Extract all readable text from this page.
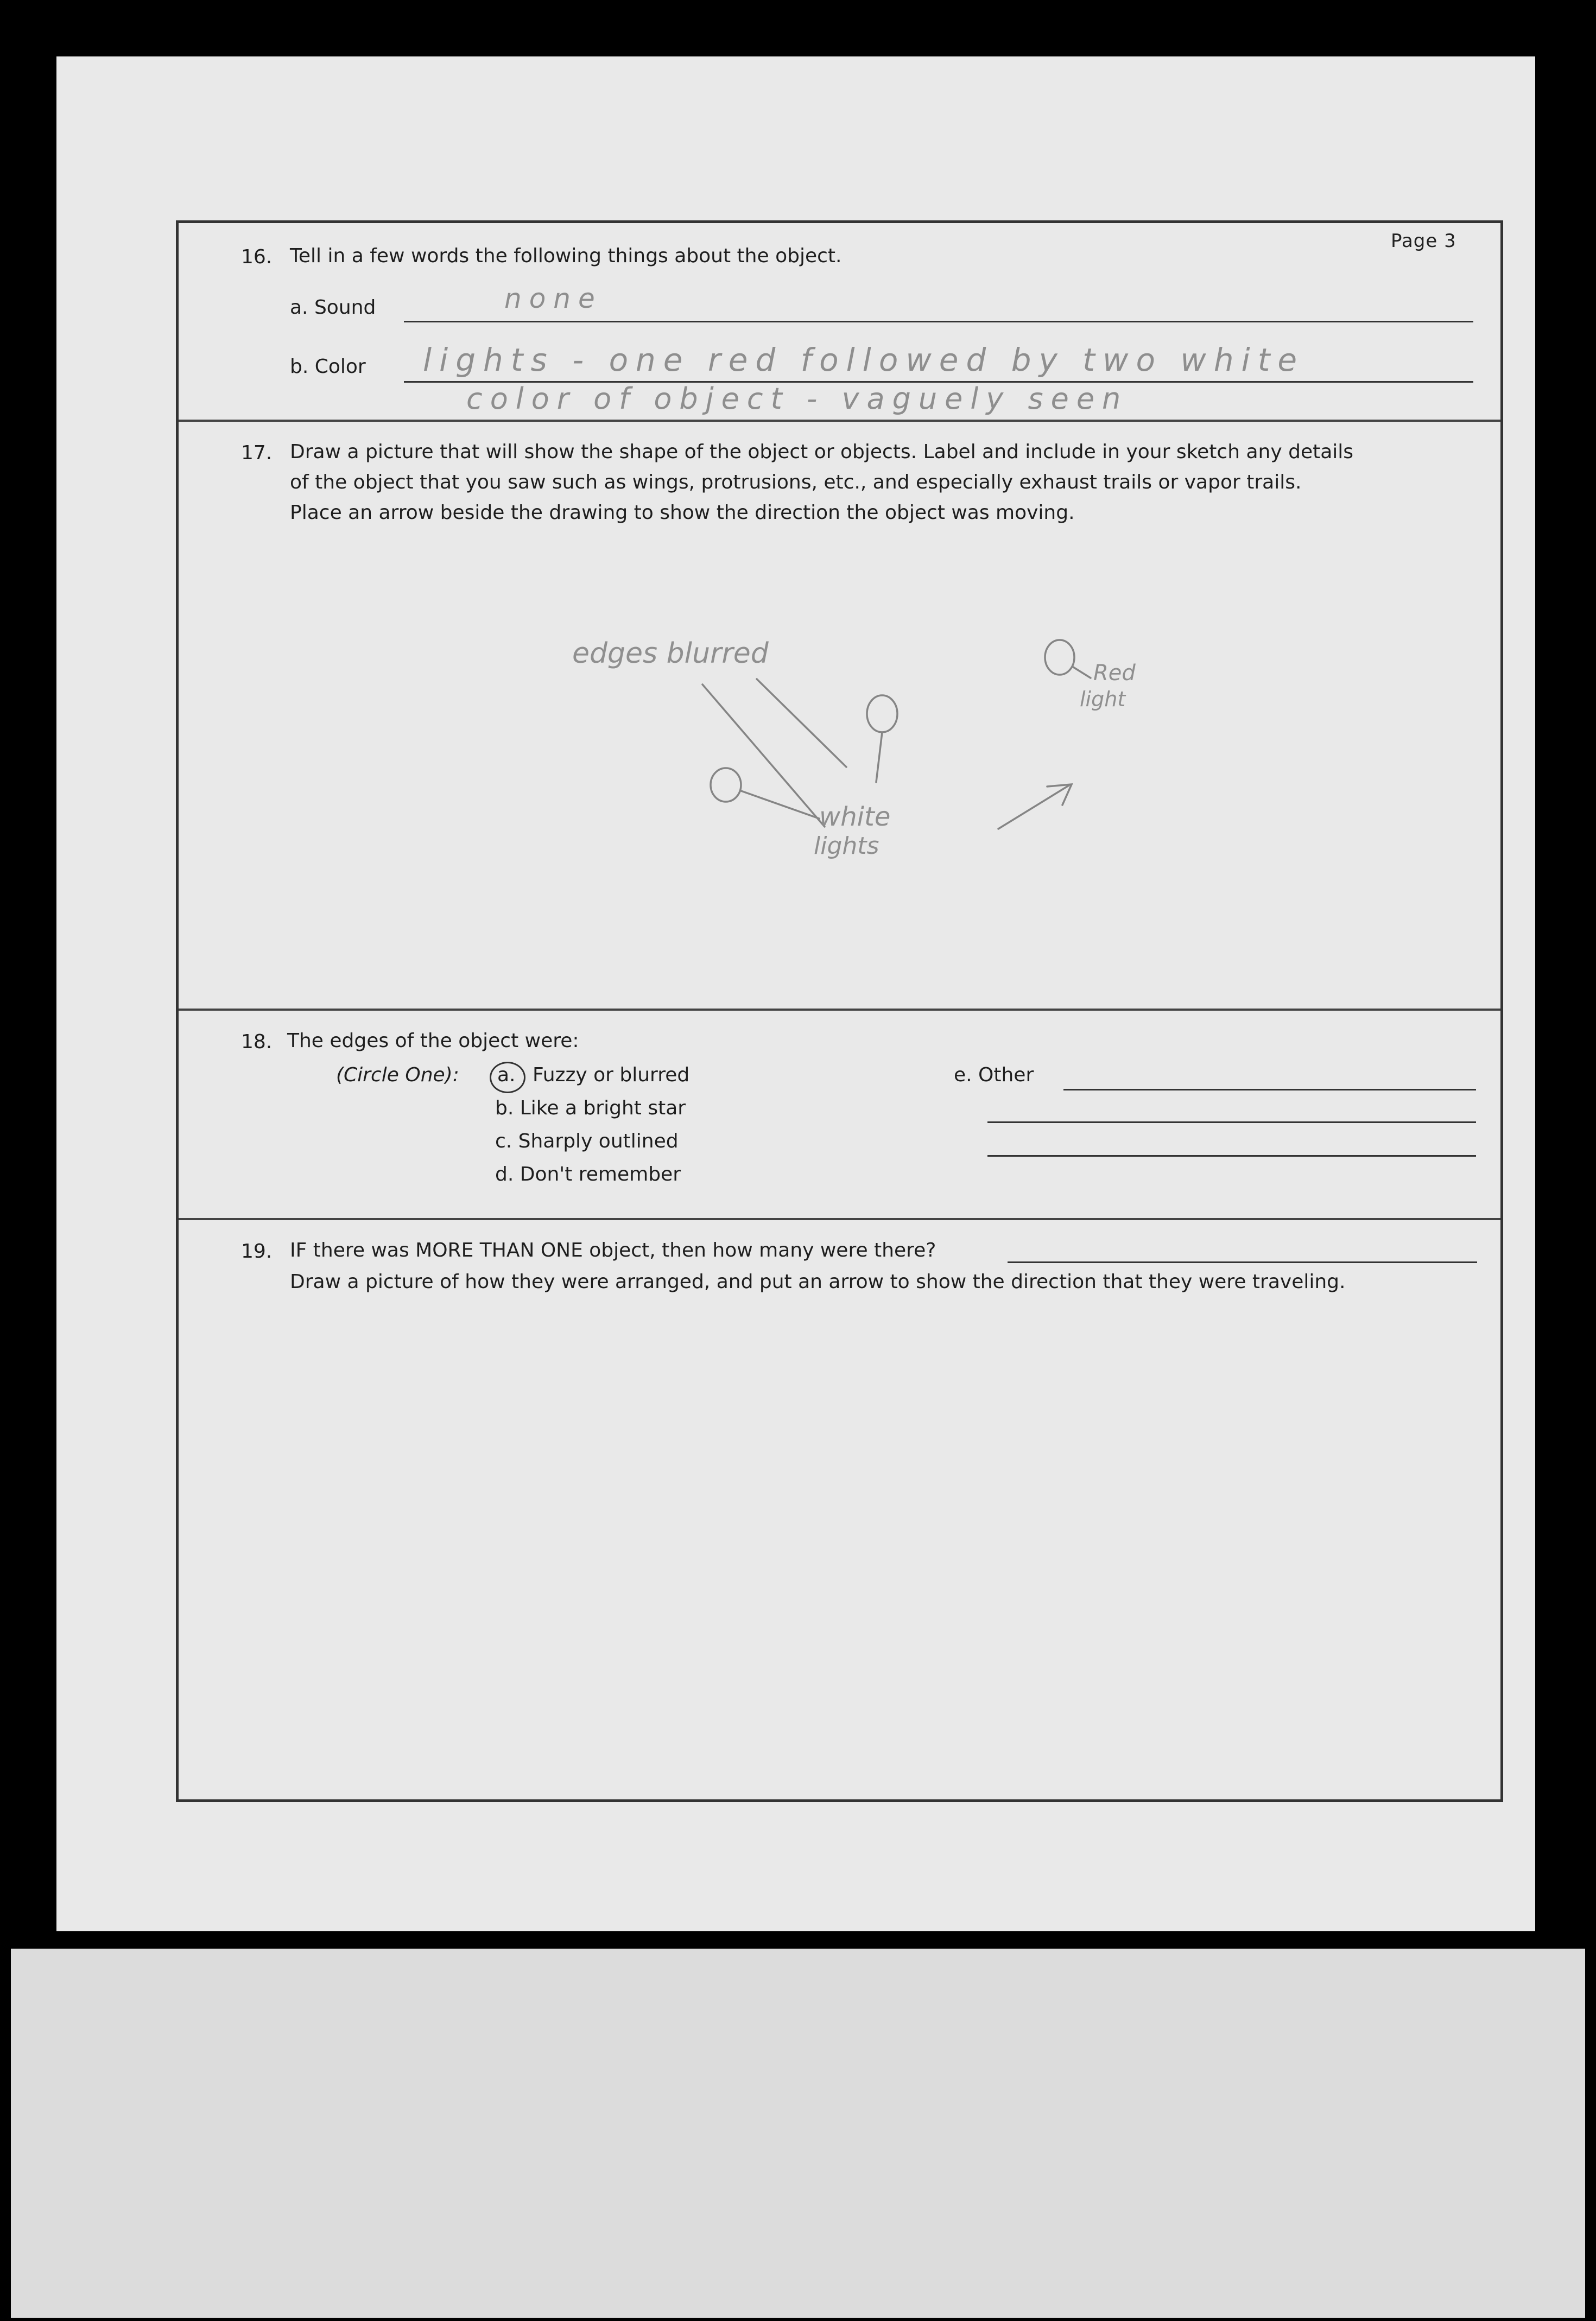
Page 3
16. Tell in a few words the following things about the object.
a. Sound	none
b. Color lights - one red followed by two white
color of object - vaguely seen
17. Draw a picture that will show the shape of the object or objects. Label and include in your sketch any details
of the object that you saw such as wings, protrusions, etc., and especially exhaust trails or vapor trails.
Place an arrow beside the drawing to show the direction the object was moving.
edges blurred
white
lights
Red
light
18. The edges of the object were:
(Circle One): a. Fuzzy or blurred
b. Like a bright star
c. Sharply outlined
d. Don't remember
e. Other
19. IF there was MORE THAN ONE object, then how many were there?
Draw a picture of how they were arranged, and put an arrow to show the direction that they were traveling.
